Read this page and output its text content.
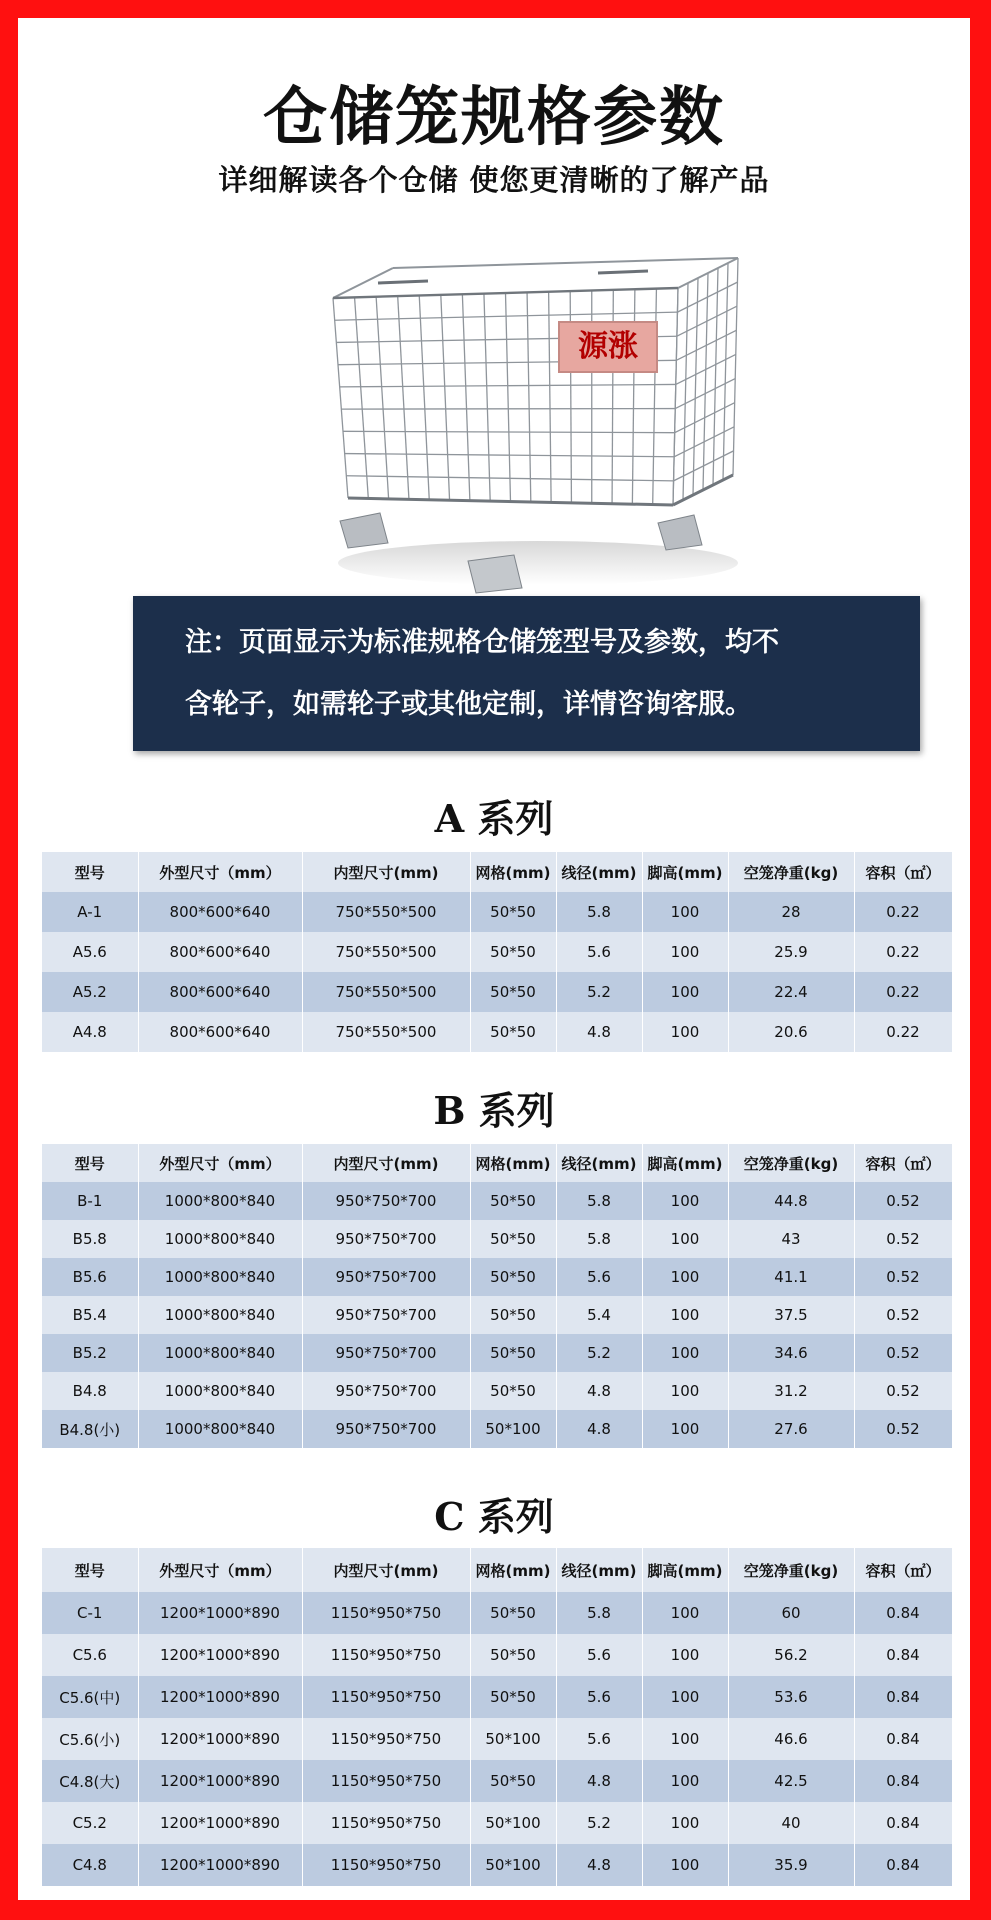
仓储笼规格参数
详细解读各个仓储 使您更清晰的了解产品
源涨
注：页面显示为标准规格仓储笼型号及参数，均不
含轮子，如需轮子或其他定制，详情咨询客服。
A 系列
型号	外型尺寸（mm）	内型尺寸(mm)	网格(mm)	线径(mm)	脚高(mm)	空笼净重(kg)	容积（㎡）
A-1	800*600*640	750*550*500	50*50	5.8	100	28	0.22
A5.6	800*600*640	750*550*500	50*50	5.6	100	25.9	0.22
A5.2	800*600*640	750*550*500	50*50	5.2	100	22.4	0.22
A4.8	800*600*640	750*550*500	50*50	4.8	100	20.6	0.22
B 系列
型号	外型尺寸（mm）	内型尺寸(mm)	网格(mm)	线径(mm)	脚高(mm)	空笼净重(kg)	容积（㎡）
B-1	1000*800*840	950*750*700	50*50	5.8	100	44.8	0.52
B5.8	1000*800*840	950*750*700	50*50	5.8	100	43	0.52
B5.6	1000*800*840	950*750*700	50*50	5.6	100	41.1	0.52
B5.4	1000*800*840	950*750*700	50*50	5.4	100	37.5	0.52
B5.2	1000*800*840	950*750*700	50*50	5.2	100	34.6	0.52
B4.8	1000*800*840	950*750*700	50*50	4.8	100	31.2	0.52
B4.8(小)	1000*800*840	950*750*700	50*100	4.8	100	27.6	0.52
C 系列
型号	外型尺寸（mm）	内型尺寸(mm)	网格(mm)	线径(mm)	脚高(mm)	空笼净重(kg)	容积（㎡）
C-1	1200*1000*890	1150*950*750	50*50	5.8	100	60	0.84
C5.6	1200*1000*890	1150*950*750	50*50	5.6	100	56.2	0.84
C5.6(中)	1200*1000*890	1150*950*750	50*50	5.6	100	53.6	0.84
C5.6(小)	1200*1000*890	1150*950*750	50*100	5.6	100	46.6	0.84
C4.8(大)	1200*1000*890	1150*950*750	50*50	4.8	100	42.5	0.84
C5.2	1200*1000*890	1150*950*750	50*100	5.2	100	40	0.84
C4.8	1200*1000*890	1150*950*750	50*100	4.8	100	35.9	0.84
